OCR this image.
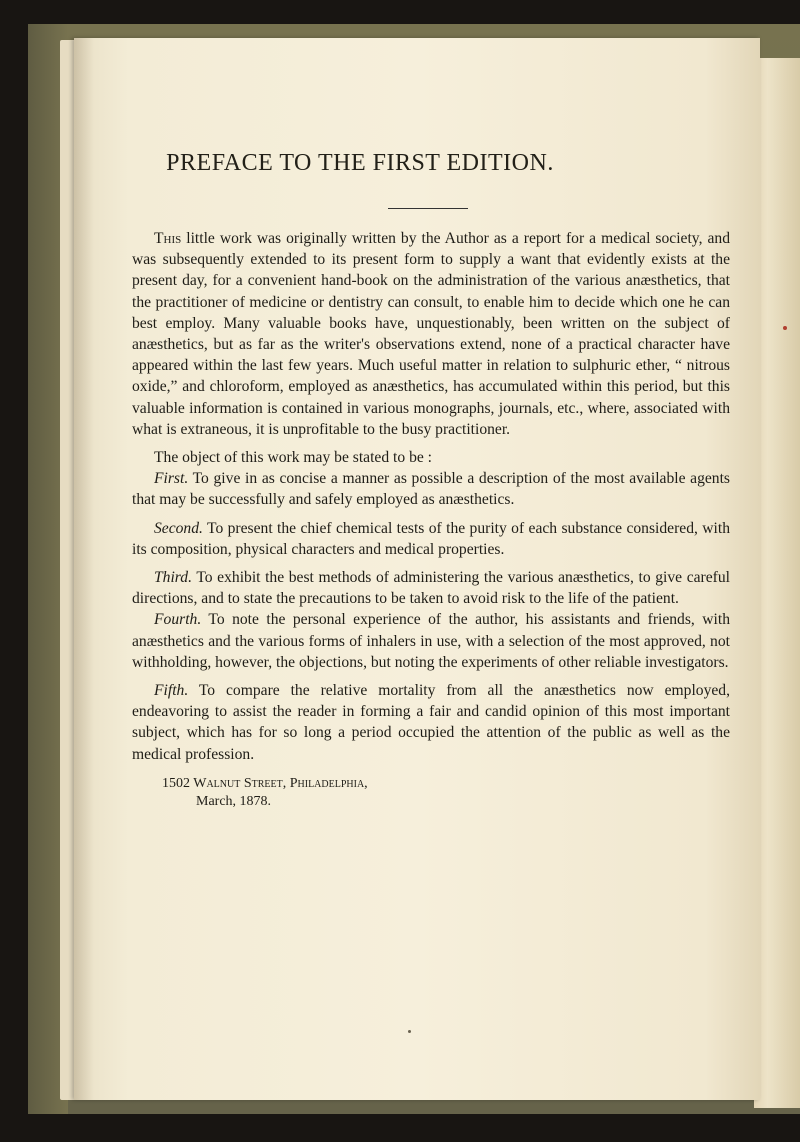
PREFACE TO THE FIRST EDITION.

This little work was originally written by the Author as a report for a medical society, and was subsequently extended to its present form to supply a want that evidently exists at the present day, for a convenient hand-book on the administration of the various anæsthetics, that the practitioner of medicine or dentistry can consult, to enable him to decide which one he can best employ. Many valuable books have, unquestionably, been written on the subject of anæsthetics, but as far as the writer's observations extend, none of a practical character have appeared within the last few years. Much useful matter in relation to sulphuric ether, “ nitrous oxide,” and chloroform, employed as anæsthetics, has accumulated within this period, but this valuable information is contained in various monographs, journals, etc., where, associated with what is extraneous, it is unprofitable to the busy practitioner.

The object of this work may be stated to be :

First. To give in as concise a manner as possible a description of the most available agents that may be successfully and safely employed as anæsthetics.

Second. To present the chief chemical tests of the purity of each substance considered, with its composition, physical characters and medical properties.

Third. To exhibit the best methods of administering the various anæsthetics, to give careful directions, and to state the precautions to be taken to avoid risk to the life of the patient.

Fourth. To note the personal experience of the author, his assistants and friends, with anæsthetics and the various forms of inhalers in use, with a selection of the most approved, not withholding, however, the objections, but noting the experiments of other reliable investigators.

Fifth. To compare the relative mortality from all the anæsthetics now employed, endeavoring to assist the reader in forming a fair and candid opinion of this most important subject, which has for so long a period occupied the attention of the public as well as the medical profession.

1502 Walnut Street, Philadelphia,

March, 1878.
